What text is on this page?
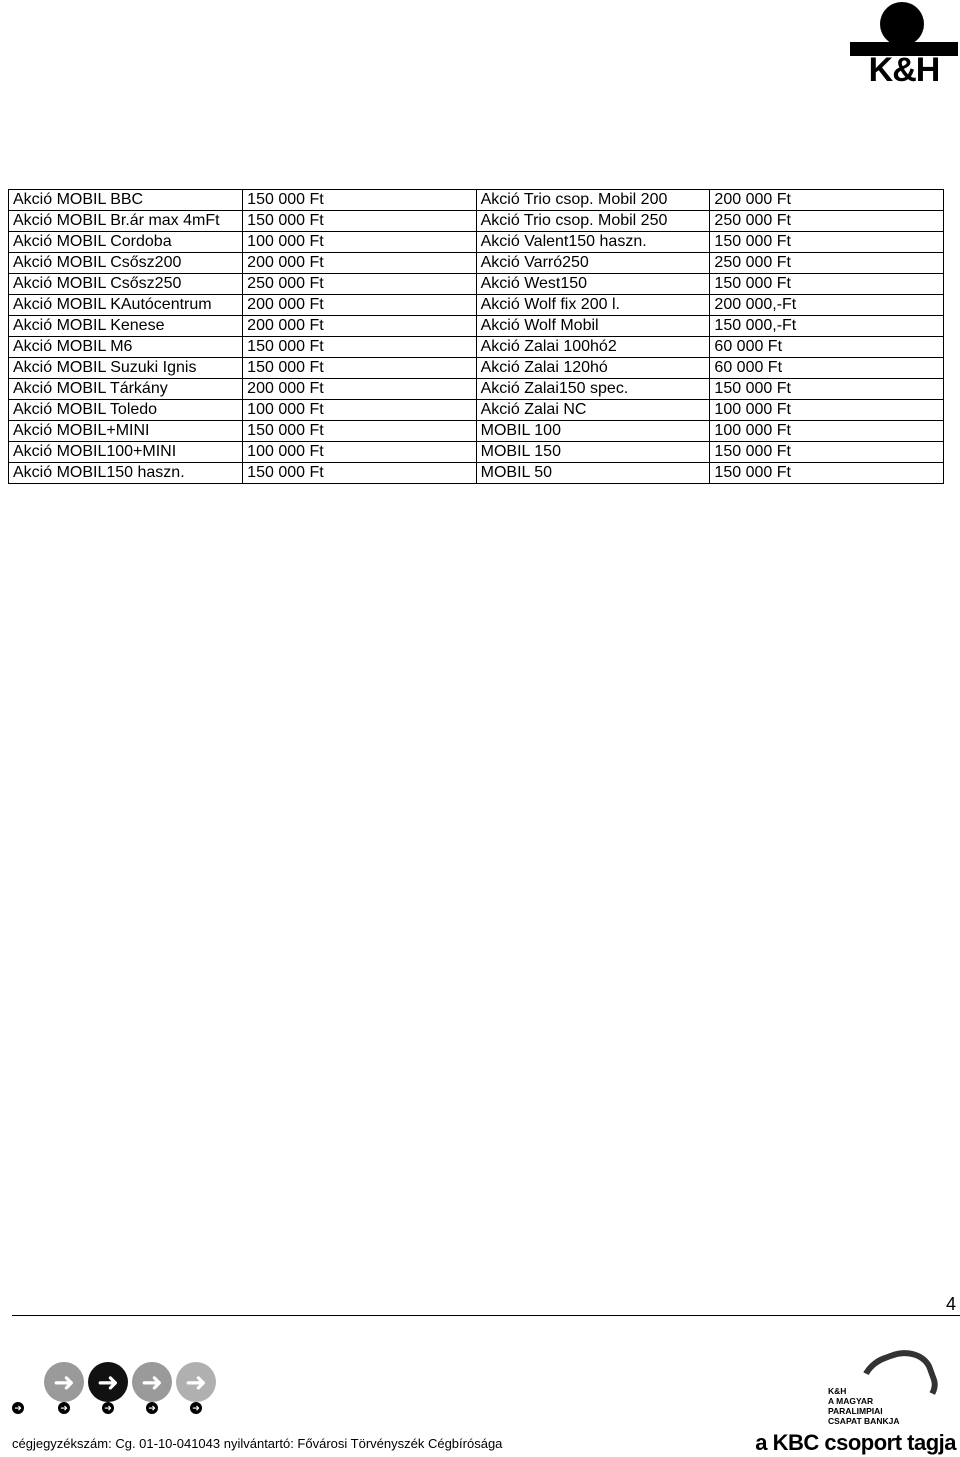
K&H
Akció MOBIL BBC	150 000 Ft	Akció Trio csop. Mobil 200	200 000 Ft
Akció MOBIL Br.ár max 4mFt	150 000 Ft	Akció Trio csop. Mobil 250	250 000 Ft
Akció MOBIL Cordoba	100 000 Ft	Akció Valent150 haszn.	150 000 Ft
Akció MOBIL Csősz200	200 000 Ft	Akció Varró250	250 000 Ft
Akció MOBIL Csősz250	250 000 Ft	Akció West150	150 000 Ft
Akció MOBIL KAutócentrum	200 000 Ft	Akció Wolf fix 200 l.	200 000,-Ft
Akció MOBIL Kenese	200 000 Ft	Akció Wolf Mobil	150 000,-Ft
Akció MOBIL M6	150 000 Ft	Akció Zalai 100hó2	60 000 Ft
Akció MOBIL Suzuki Ignis	150 000 Ft	Akció Zalai 120hó	60 000 Ft
Akció MOBIL Tárkány	200 000 Ft	Akció Zalai150 spec.	150 000 Ft
Akció MOBIL Toledo	100 000 Ft	Akció Zalai NC	100 000 Ft
Akció MOBIL+MINI	150 000 Ft	MOBIL 100	100 000 Ft
Akció MOBIL100+MINI	100 000 Ft	MOBIL 150	150 000 Ft
Akció MOBIL150 haszn.	150 000 Ft	MOBIL 50	150 000 Ft
4
➜ ➜ ➜ ➜
➜	➜	➜	➜	➜
K&H
A MAGYAR
PARALIMPIAI
CSAPAT BANKJA
cégjegyzékszám: Cg. 01-10-041043 nyilvántartó: Fővárosi Törvényszék Cégbírósága	a KBC csoport tagja
